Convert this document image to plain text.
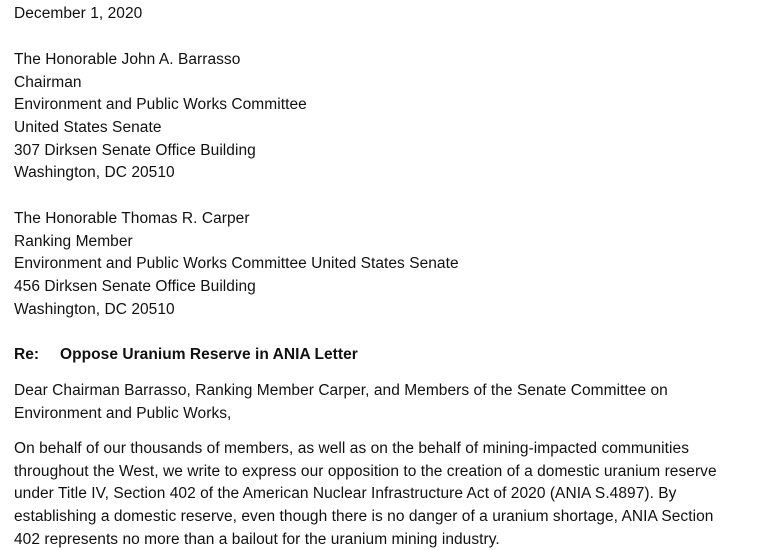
December 1, 2020
The Honorable John A. Barrasso
Chairman
Environment and Public Works Committee
United States Senate
307 Dirksen Senate Office Building
Washington, DC 20510
The Honorable Thomas R. Carper
Ranking Member
Environment and Public Works Committee United States Senate
456 Dirksen Senate Office Building
Washington, DC 20510
Re: Oppose Uranium Reserve in ANIA Letter
Dear Chairman Barrasso, Ranking Member Carper, and Members of the Senate Committee on
Environment and Public Works,
On behalf of our thousands of members, as well as on the behalf of mining-impacted communities
throughout the West, we write to express our opposition to the creation of a domestic uranium reserve
under Title IV, Section 402 of the American Nuclear Infrastructure Act of 2020 (ANIA S.4897). By
establishing a domestic reserve, even though there is no danger of a uranium shortage, ANIA Section
402 represents no more than a bailout for the uranium mining industry.
